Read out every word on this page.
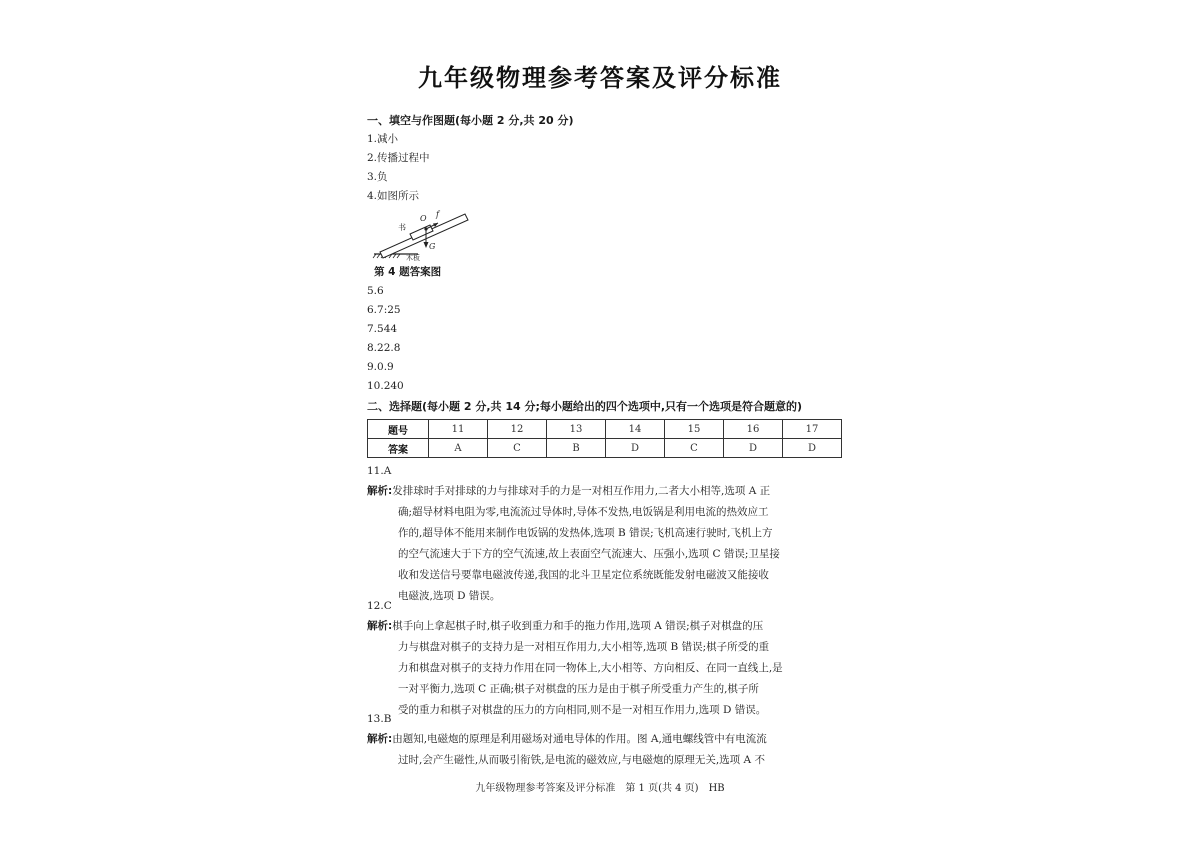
九年级物理参考答案及评分标准
一、填空与作图题(每小题 2 分,共 20 分)
1.减小
2.传播过程中
3.负
4.如图所示
书
O f
G
木板
第 4 题答案图
5.6
6.7:25
7.544
8.22.8
9.0.9
10.240
二、选择题(每小题 2 分,共 14 分;每小题给出的四个选项中,只有一个选项是符合题意的)
题号	11	12	13	14	15	16	17
答案	A	C	B	D	C	D	D
11.A
解析:发排球时手对排球的力与排球对手的力是一对相互作用力,二者大小相等,选项 A 正
确;超导材料电阻为零,电流流过导体时,导体不发热,电饭锅是利用电流的热效应工
作的,超导体不能用来制作电饭锅的发热体,选项 B 错误;飞机高速行驶时,飞机上方
的空气流速大于下方的空气流速,故上表面空气流速大、压强小,选项 C 错误;卫星接
收和发送信号要靠电磁波传递,我国的北斗卫星定位系统既能发射电磁波又能接收
电磁波,选项 D 错误。
12.C
解析:棋手向上拿起棋子时,棋子收到重力和手的拖力作用,选项 A 错误;棋子对棋盘的压
力与棋盘对棋子的支持力是一对相互作用力,大小相等,选项 B 错误;棋子所受的重
力和棋盘对棋子的支持力作用在同一物体上,大小相等、方向相反、在同一直线上,是
一对平衡力,选项 C 正确;棋子对棋盘的压力是由于棋子所受重力产生的,棋子所
受的重力和棋子对棋盘的压力的方向相同,则不是一对相互作用力,选项 D 错误。
13.B
解析:由题知,电磁炮的原理是利用磁场对通电导体的作用。图 A,通电螺线管中有电流流
过时,会产生磁性,从而吸引衔铁,是电流的磁效应,与电磁炮的原理无关,选项 A 不
九年级物理参考答案及评分标准　第 1 页(共 4 页)　HB
